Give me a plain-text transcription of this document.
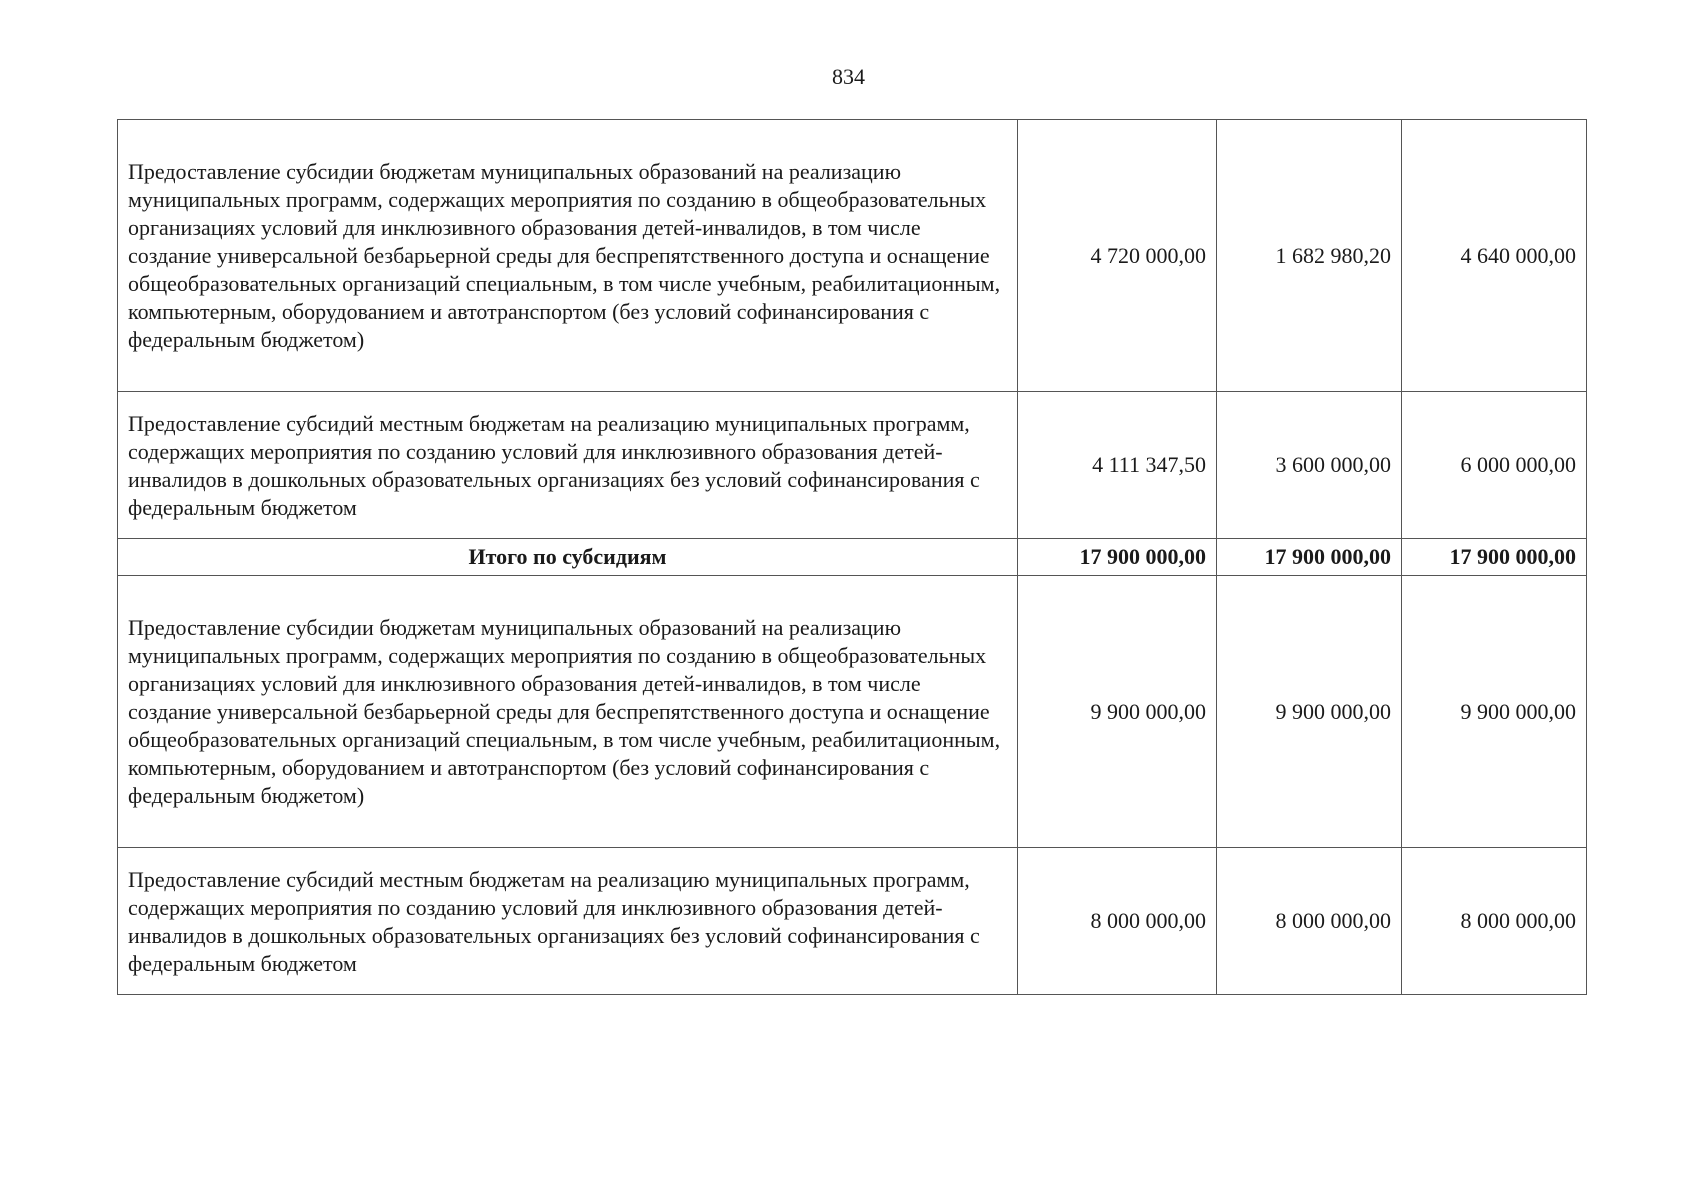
834
Предоставление субсидии бюджетам муниципальных образований на реализацию муниципальных программ, содержащих мероприятия по созданию в общеобразовательных организациях условий для инклюзивного образования детей-инвалидов, в том числе создание универсальной безбарьерной среды для беспрепятственного доступа и оснащение общеобразовательных организаций специальным, в том числе учебным, реабилитационным, компьютерным, оборудованием и автотранспортом (без условий софинансирования с федеральным бюджетом)	4 720 000,00	1 682 980,20	4 640 000,00
Предоставление субсидий местным бюджетам на реализацию муниципальных программ, содержащих мероприятия по созданию условий для инклюзивного образования детей-инвалидов в дошкольных образовательных организациях без условий софинансирования с федеральным бюджетом	4 111 347,50	3 600 000,00	6 000 000,00
Итого по субсидиям	17 900 000,00	17 900 000,00	17 900 000,00
Предоставление субсидии бюджетам муниципальных образований на реализацию муниципальных программ, содержащих мероприятия по созданию в общеобразовательных организациях условий для инклюзивного образования детей-инвалидов, в том числе создание универсальной безбарьерной среды для беспрепятственного доступа и оснащение общеобразовательных организаций специальным, в том числе учебным, реабилитационным, компьютерным, оборудованием и автотранспортом (без условий софинансирования с федеральным бюджетом)	9 900 000,00	9 900 000,00	9 900 000,00
Предоставление субсидий местным бюджетам на реализацию муниципальных программ, содержащих мероприятия по созданию условий для инклюзивного образования детей-инвалидов в дошкольных образовательных организациях без условий софинансирования с федеральным бюджетом	8 000 000,00	8 000 000,00	8 000 000,00
